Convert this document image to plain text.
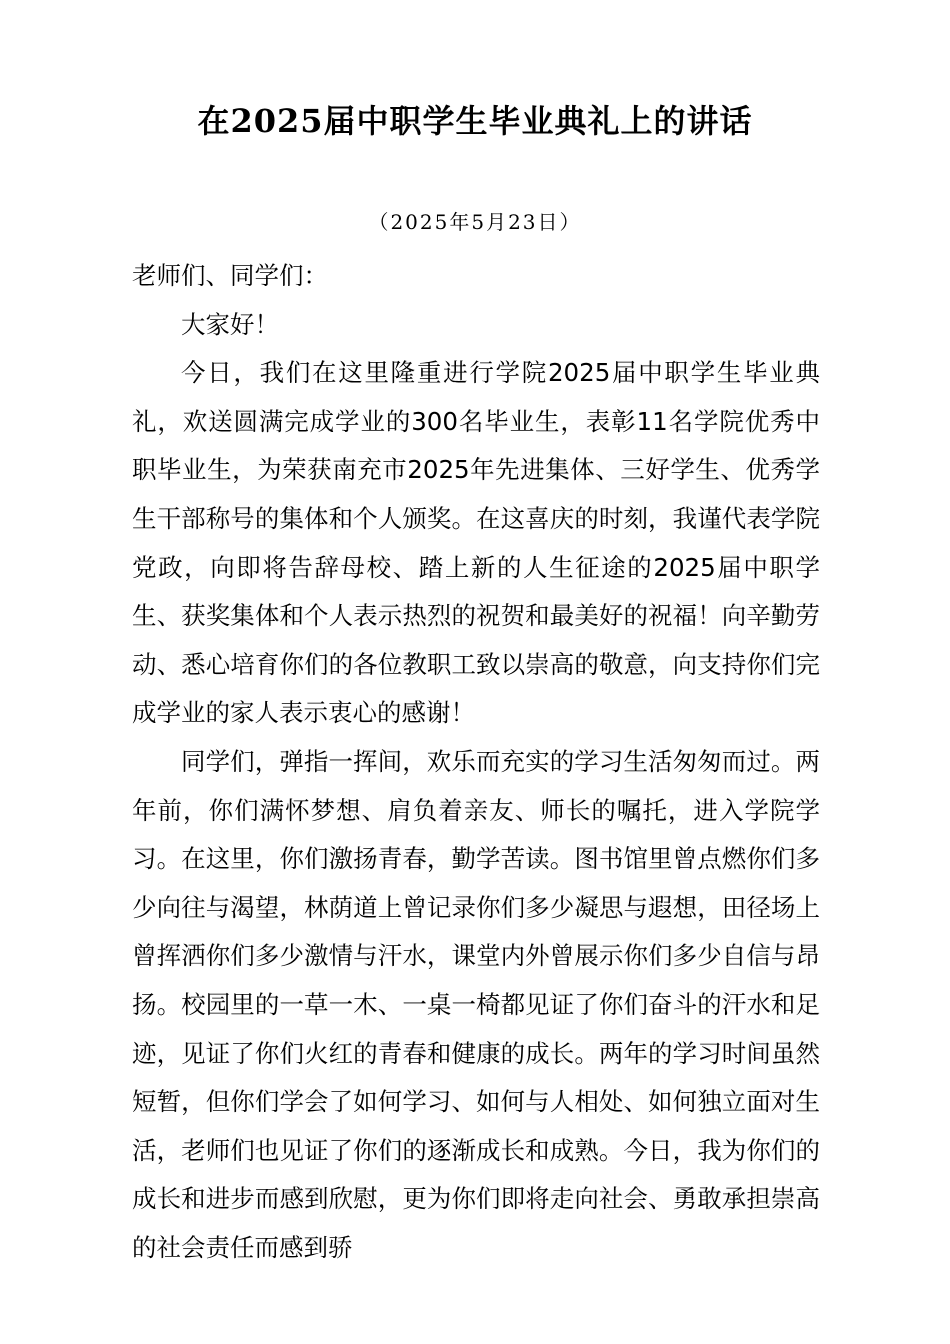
在2025届中职学生毕业典礼上的讲话
（2025年5月23日）

老师们、同学们：

大家好！

今日，我们在这里隆重进行学院2025届中职学生毕业典礼，欢送圆满完成学业的300名毕业生，表彰11名学院优秀中职毕业生，为荣获南充市2025年先进集体、三好学生、优秀学生干部称号的集体和个人颁奖。在这喜庆的时刻，我谨代表学院党政，向即将告辞母校、踏上新的人生征途的2025届中职学生、获奖集体和个人表示热烈的祝贺和最美好的祝福！向辛勤劳动、悉心培育你们的各位教职工致以崇高的敬意，向支持你们完成学业的家人表示衷心的感谢！

同学们，弹指一挥间，欢乐而充实的学习生活匆匆而过。两年前，你们满怀梦想、肩负着亲友、师长的嘱托，进入学院学习。在这里，你们激扬青春，勤学苦读。图书馆里曾点燃你们多少向往与渴望，林荫道上曾记录你们多少凝思与遐想，田径场上曾挥洒你们多少激情与汗水，课堂内外曾展示你们多少自信与昂扬。校园里的一草一木、一桌一椅都见证了你们奋斗的汗水和足迹，见证了你们火红的青春和健康的成长。两年的学习时间虽然短暂，但你们学会了如何学习、如何与人相处、如何独立面对生活，老师们也见证了你们的逐渐成长和成熟。今日，我为你们的成长和进步而感到欣慰，更为你们即将走向社会、勇敢承担崇高的社会责任而感到骄
